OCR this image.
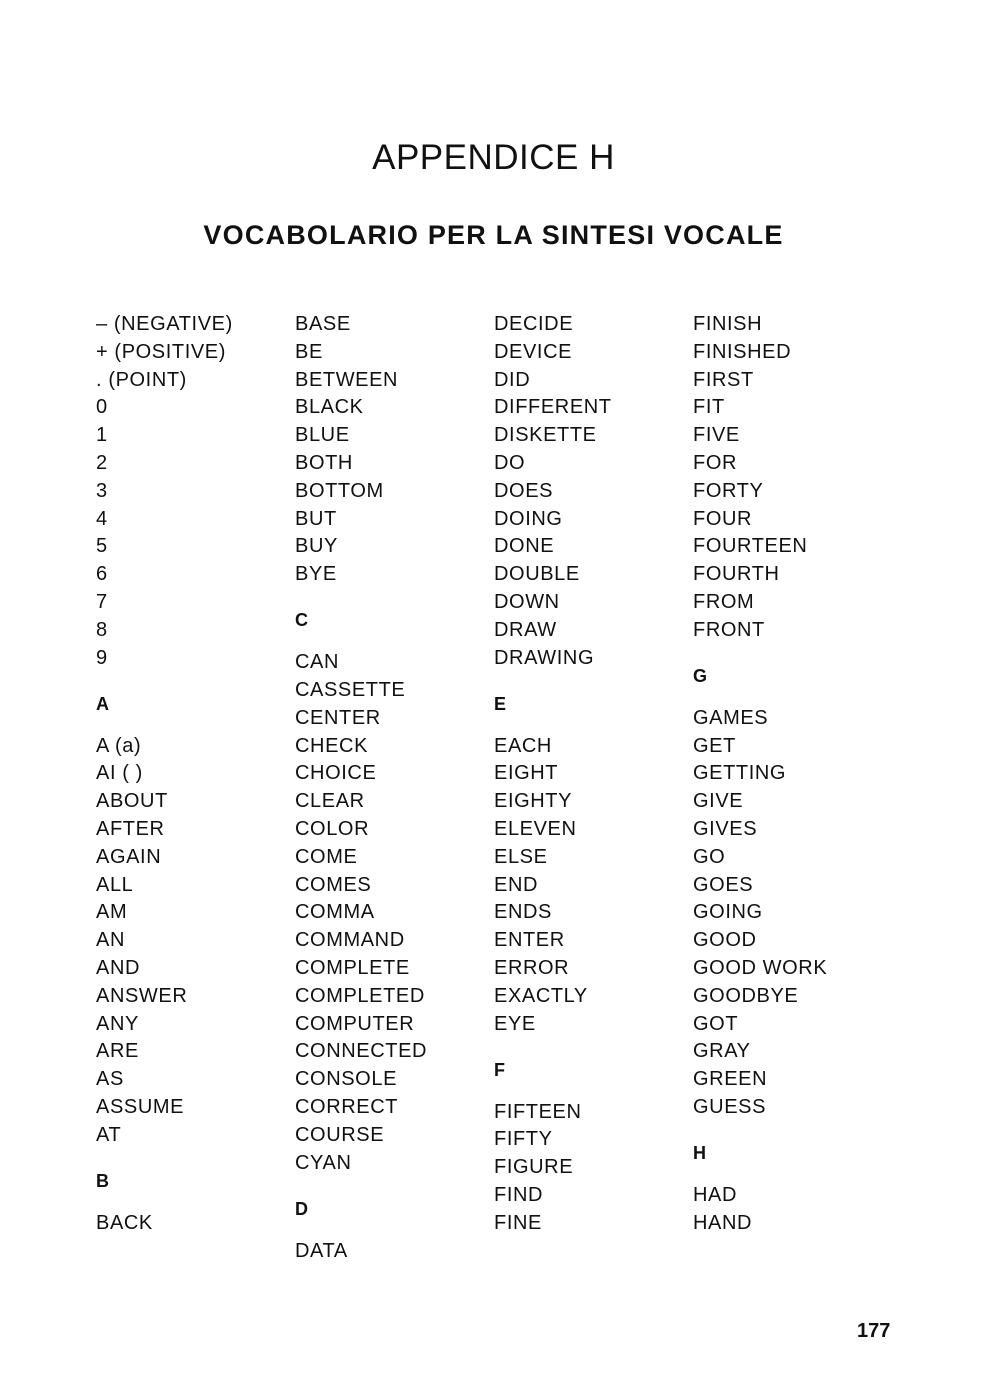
APPENDICE H
VOCABOLARIO PER LA SINTESI VOCALE
– (NEGATIVE)
+ (POSITIVE)
. (POINT)
0
1
2
3
4
5
6
7
8
9
A
A (a)
AI ( )
ABOUT
AFTER
AGAIN
ALL
AM
AN
AND
ANSWER
ANY
ARE
AS
ASSUME
AT
B
BACK
BASE
BE
BETWEEN
BLACK
BLUE
BOTH
BOTTOM
BUT
BUY
BYE
C
CAN
CASSETTE
CENTER
CHECK
CHOICE
CLEAR
COLOR
COME
COMES
COMMA
COMMAND
COMPLETE
COMPLETED
COMPUTER
CONNECTED
CONSOLE
CORRECT
COURSE
CYAN
D
DATA
DECIDE
DEVICE
DID
DIFFERENT
DISKETTE
DO
DOES
DOING
DONE
DOUBLE
DOWN
DRAW
DRAWING
E
EACH
EIGHT
EIGHTY
ELEVEN
ELSE
END
ENDS
ENTER
ERROR
EXACTLY
EYE
F
FIFTEEN
FIFTY
FIGURE
FIND
FINE
FINISH
FINISHED
FIRST
FIT
FIVE
FOR
FORTY
FOUR
FOURTEEN
FOURTH
FROM
FRONT
G
GAMES
GET
GETTING
GIVE
GIVES
GO
GOES
GOING
GOOD
GOOD WORK
GOODBYE
GOT
GRAY
GREEN
GUESS
H
HAD
HAND
177
